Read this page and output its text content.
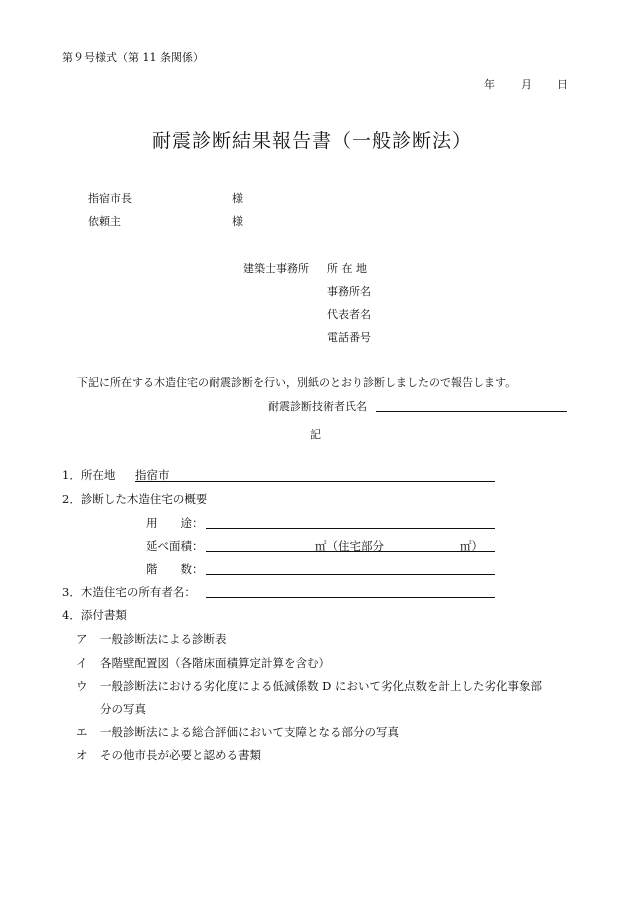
第９号様式（第 11 条関係）
年 月 日
耐震診断結果報告書（一般診断法）
指宿市長	様
依頼主	様
建築士事務所 所 在 地
事務所名
代表者名
電話番号
下記に所在する木造住宅の耐震診断を行い，別紙のとおり診断しましたので報告します。
耐震診断技術者氏名
記
1．所在地 指宿市
2．診断した木造住宅の概要
用　　途：
延べ面積：	㎡（住宅部分	㎡）
階　　数：
3．木造住宅の所有者名：
4．添付書類
ア 一般診断法による診断表
イ 各階壁配置図（各階床面積算定計算を含む）
ウ 一般診断法における劣化度による低減係数 D において劣化点数を計上した劣化事象部
分の写真
エ 一般診断法による総合評価において支障となる部分の写真
オ その他市長が必要と認める書類
